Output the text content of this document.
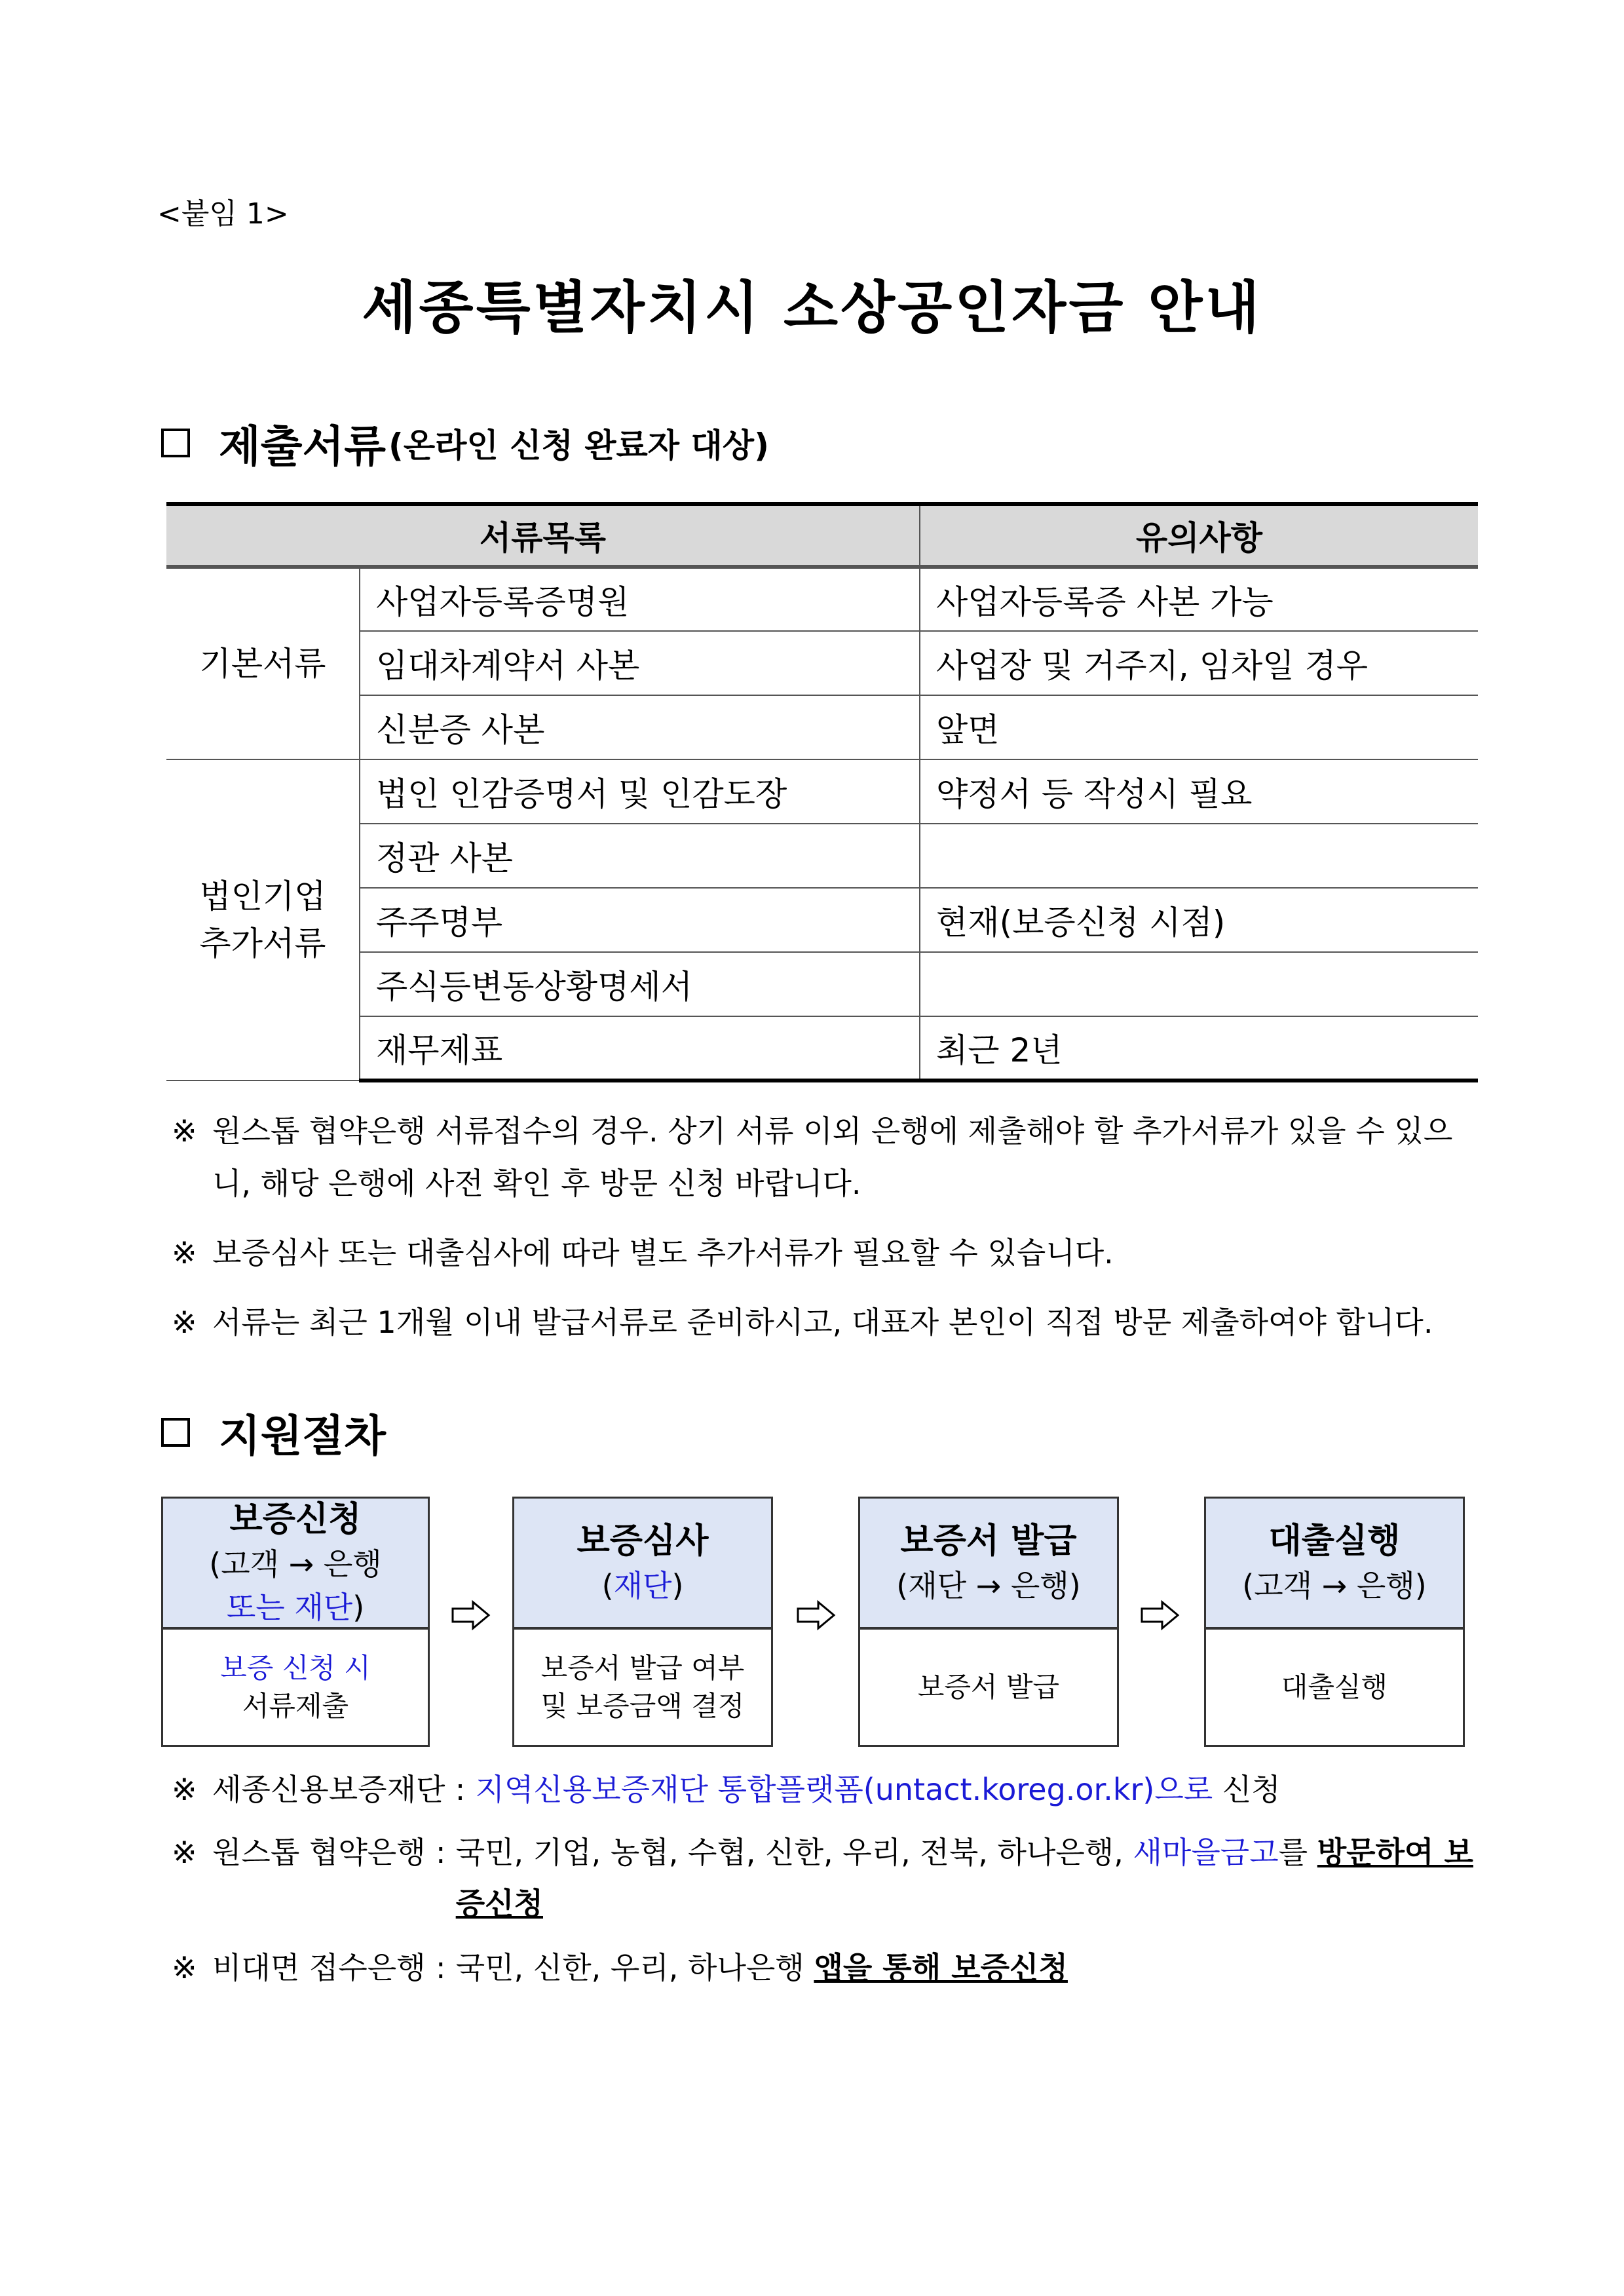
<붙임 1>
세종특별자치시 소상공인자금 안내
제출서류 (온라인 신청 완료자 대상)
서류목록		유의사항
기본서류	사업자등록증명원	사업자등록증 사본 가능
	임대차계약서 사본	사업장 및 거주지, 임차일 경우
	신분증 사본	앞면

법인기업
추가서류	법인 인감증명서 및 인감도장	약정서 등 작성시 필요
	정관 사본	
	주주명부	현재(보증신청 시점)
	주식등변동상황명세서	
	재무제표	최근 2년
※ 원스톱 협약은행 서류접수의 경우. 상기 서류 이외 은행에 제출해야 할 추가서류가 있을 수 있으니, 해당 은행에 사전 확인 후 방문 신청 바랍니다.
※ 보증심사 또는 대출심사에 따라 별도 추가서류가 필요할 수 있습니다.
※ 서류는 최근 1개월 이내 발급서류로 준비하시고, 대표자 본인이 직접 방문 제출하여야 합니다.
지원절차
보증신청
(고객 → 은행
또는 재단)
보증 신청 시
서류제출
보증심사
(재단)
보증서 발급 여부
및 보증금액 결정
보증서 발급
(재단 → 은행)
보증서 발급
대출실행
(고객 → 은행)
대출실행
※ 세종신용보증재단 : 지역신용보증재단 통합플랫폼(untact.koreg.or.kr)으로 신청
※ 원스톱 협약은행 : 국민, 기업, 농협, 수협, 신한, 우리, 전북, 하나은행, 새마을금고를 방문하여 보증신청
※ 비대면 접수은행 : 국민, 신한, 우리, 하나은행 앱을 통해 보증신청
